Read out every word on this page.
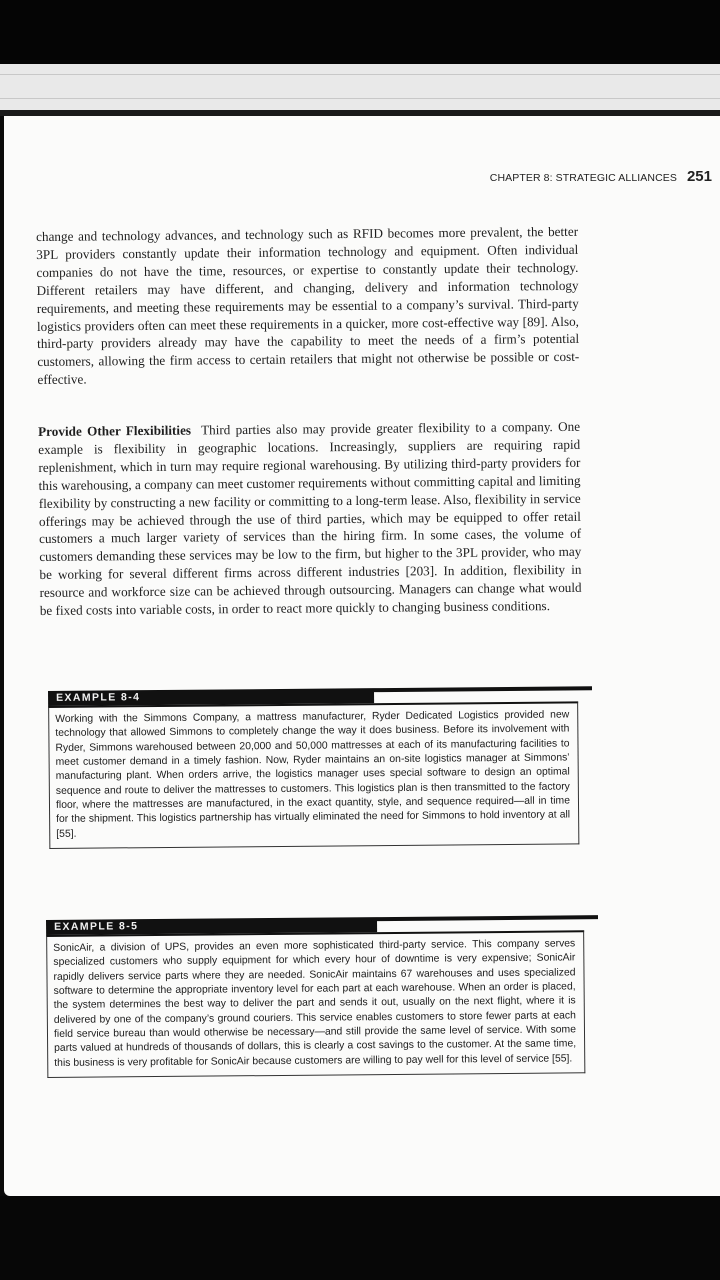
CHAPTER 8: STRATEGIC ALLIANCES 251

change and technology advances, and technology such as RFID becomes more prevalent, the better 3PL providers constantly update their information technology and equipment. Often individual companies do not have the time, resources, or expertise to constantly update their technology. Different retailers may have different, and changing, delivery and information technology requirements, and meeting these requirements may be essential to a company’s survival. Third-party logistics providers often can meet these requirements in a quicker, more cost-effective way [89]. Also, third-party providers already may have the capability to meet the needs of a firm’s potential customers, allowing the firm access to certain retailers that might not otherwise be possible or cost-effective.

Provide Other Flexibilities Third parties also may provide greater flexibility to a company. One example is flexibility in geographic locations. Increasingly, suppliers are requiring rapid replenishment, which in turn may require regional warehousing. By utilizing third-party providers for this warehousing, a company can meet customer requirements without committing capital and limiting flexibility by constructing a new facility or committing to a long-term lease. Also, flexibility in service offerings may be achieved through the use of third parties, which may be equipped to offer retail customers a much larger variety of services than the hiring firm. In some cases, the volume of customers demanding these services may be low to the firm, but higher to the 3PL provider, who may be working for several different firms across different industries [203]. In addition, flexibility in resource and workforce size can be achieved through outsourcing. Managers can change what would be fixed costs into variable costs, in order to react more quickly to changing business conditions.

EXAMPLE 8-4
Working with the Simmons Company, a mattress manufacturer, Ryder Dedicated Logistics provided new technology that allowed Simmons to completely change the way it does business. Before its involvement with Ryder, Simmons warehoused between 20,000 and 50,000 mattresses at each of its manufacturing facilities to meet customer demand in a timely fashion. Now, Ryder maintains an on-site logistics manager at Simmons’ manufacturing plant. When orders arrive, the logistics manager uses special software to design an optimal sequence and route to deliver the mattresses to customers. This logistics plan is then transmitted to the factory floor, where the mattresses are manufactured, in the exact quantity, style, and sequence required—all in time for the shipment. This logistics partnership has virtually eliminated the need for Simmons to hold inventory at all [55].
EXAMPLE 8-5
SonicAir, a division of UPS, provides an even more sophisticated third-party service. This company serves specialized customers who supply equipment for which every hour of downtime is very expensive; SonicAir rapidly delivers service parts where they are needed. SonicAir maintains 67 warehouses and uses specialized software to determine the appropriate inventory level for each part at each warehouse. When an order is placed, the system determines the best way to deliver the part and sends it out, usually on the next flight, where it is delivered by one of the company’s ground couriers. This service enables customers to store fewer parts at each field service bureau than would otherwise be necessary—and still provide the same level of service. With some parts valued at hundreds of thousands of dollars, this is clearly a cost savings to the customer. At the same time, this business is very profitable for SonicAir because customers are willing to pay well for this level of service [55].
